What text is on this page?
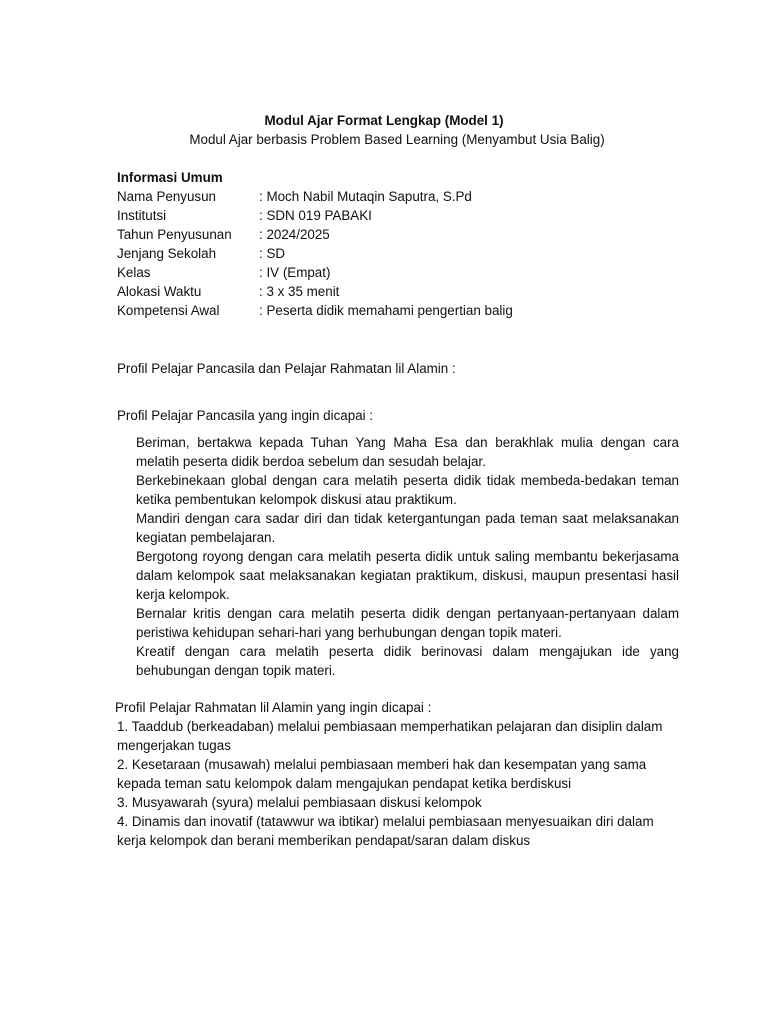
Modul Ajar Format Lengkap (Model 1)
Modul Ajar berbasis Problem Based Learning (Menyambut Usia Balig)
Informasi Umum
Nama Penyusun	: Moch Nabil Mutaqin Saputra, S.Pd
Institutsi	: SDN 019 PABAKI
Tahun Penyusunan	: 2024/2025
Jenjang Sekolah	: SD
Kelas	: IV (Empat)
Alokasi Waktu	: 3 x 35 menit
Kompetensi Awal	: Peserta didik memahami pengertian balig
Profil Pelajar Pancasila dan Pelajar Rahmatan lil Alamin :
Profil Pelajar Pancasila yang ingin dicapai :
Beriman, bertakwa kepada Tuhan Yang Maha Esa dan berakhlak mulia dengan cara melatih peserta didik berdoa sebelum dan sesudah belajar.
Berkebinekaan global dengan cara melatih peserta didik tidak membeda-bedakan teman ketika pembentukan kelompok diskusi atau praktikum.
Mandiri dengan cara sadar diri dan tidak ketergantungan pada teman saat melaksanakan kegiatan pembelajaran.
Bergotong royong dengan cara melatih peserta didik untuk saling membantu bekerjasama dalam kelompok saat melaksanakan kegiatan praktikum, diskusi, maupun presentasi hasil kerja kelompok.
Bernalar kritis dengan cara melatih peserta didik dengan pertanyaan-pertanyaan dalam peristiwa kehidupan sehari-hari yang berhubungan dengan topik materi.
Kreatif dengan cara melatih peserta didik berinovasi dalam mengajukan ide yang behubungan dengan topik materi.
Profil Pelajar Rahmatan lil Alamin yang ingin dicapai :
1. Taaddub (berkeadaban) melalui pembiasaan memperhatikan pelajaran dan disiplin dalam mengerjakan tugas
2. Kesetaraan (musawah) melalui pembiasaan memberi hak dan kesempatan yang sama kepada teman satu kelompok dalam mengajukan pendapat ketika berdiskusi
3. Musyawarah (syura) melalui pembiasaan diskusi kelompok
4. Dinamis dan inovatif (tatawwur wa ibtikar) melalui pembiasaan menyesuaikan diri dalam kerja kelompok dan berani memberikan pendapat/saran dalam diskus
